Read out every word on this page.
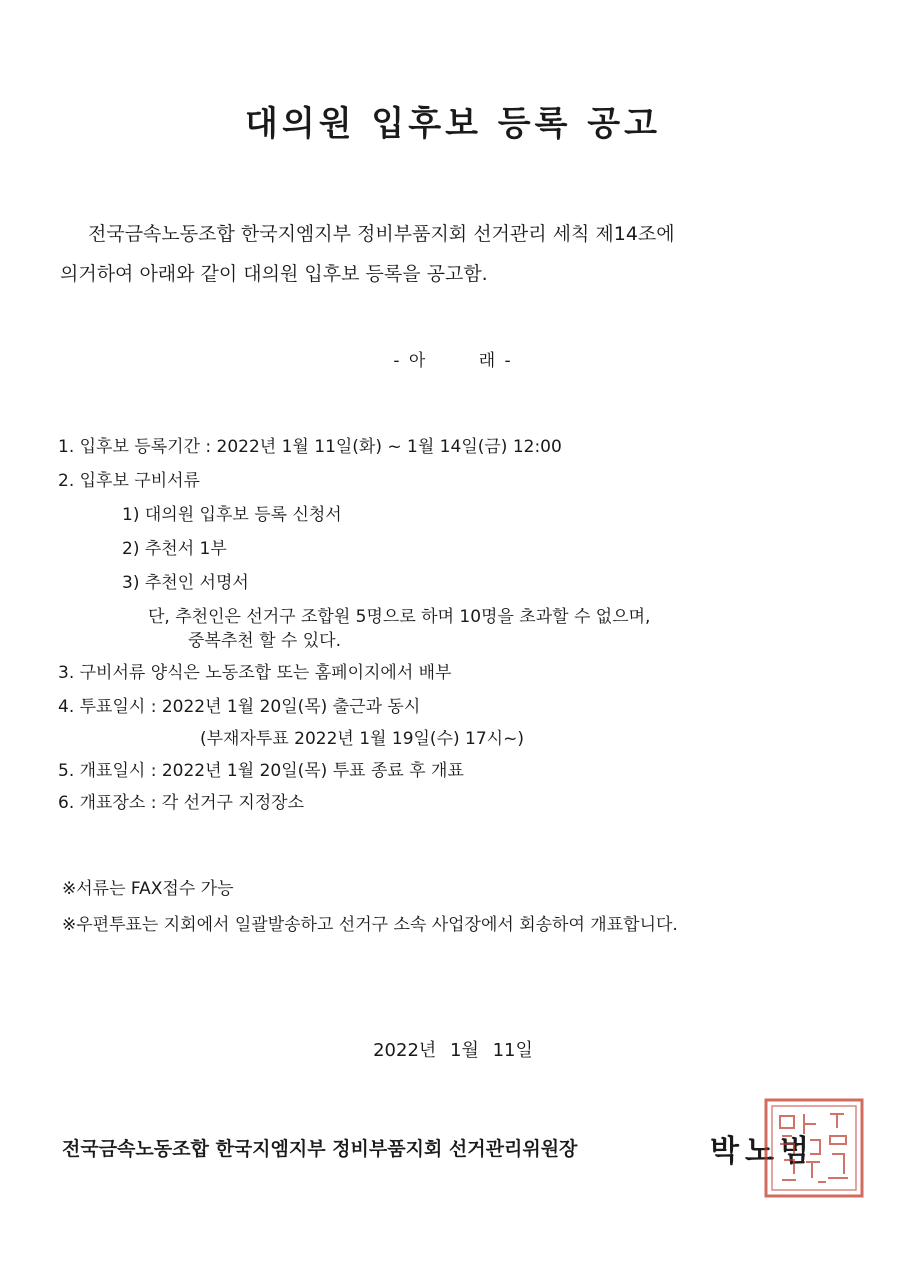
대의원 입후보 등록 공고
전국금속노동조합 한국지엠지부 정비부품지회 선거관리 세칙 제14조에
의거하여 아래와 같이 대의원 입후보 등록을 공고함.
- 아	래 -
1. 입후보 등록기간 : 2022년 1월 11일(화) ~ 1월 14일(금) 12:00
2. 입후보 구비서류
1) 대의원 입후보 등록 신청서
2) 추천서 1부
3) 추천인 서명서
단, 추천인은 선거구 조합원 5명으로 하며 10명을 초과할 수 없으며,
중복추천 할 수 있다.
3. 구비서류 양식은 노동조합 또는 홈페이지에서 배부
4. 투표일시 : 2022년 1월 20일(목) 출근과 동시
(부재자투표 2022년 1월 19일(수) 17시~)
5. 개표일시 : 2022년 1월 20일(목) 투표 종료 후 개표
6. 개표장소 : 각 선거구 지정장소
※서류는 FAX접수 가능
※우편투표는 지회에서 일괄발송하고 선거구 소속 사업장에서 회송하여 개표합니다.
2022년 1월 11일
전국금속노동조합 한국지엠지부 정비부품지회 선거관리위원장	박노범
